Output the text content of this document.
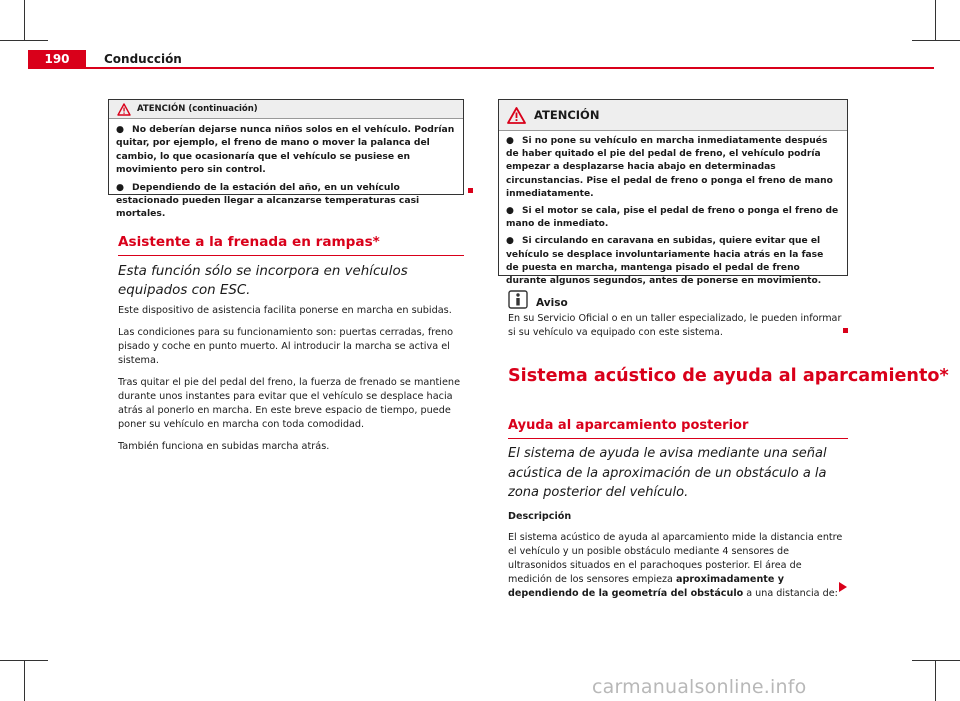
190	Conducción
ATENCIÓN (continuación)
● No deberían dejarse nunca niños solos en el vehículo. Podrían quitar, por ejemplo, el freno de mano o mover la palanca del cambio, lo que ocasionaría que el vehículo se pusiese en movimiento pero sin control.
● Dependiendo de la estación del año, en un vehículo estacionado pueden llegar a alcanzarse temperaturas casi mortales.
Asistente a la frenada en rampas*
Esta función sólo se incorpora en vehículos equipados con ESC.

Este dispositivo de asistencia facilita ponerse en marcha en subidas.

Las condiciones para su funcionamiento son: puertas cerradas, freno pisado y coche en punto muerto. Al introducir la marcha se activa el sistema.

Tras quitar el pie del pedal del freno, la fuerza de frenado se mantiene durante unos instantes para evitar que el vehículo se desplace hacia atrás al ponerlo en marcha. En este breve espacio de tiempo, puede poner su vehículo en marcha con toda comodidad.

También funciona en subidas marcha atrás.

ATENCIÓN
● Si no pone su vehículo en marcha inmediatamente después de haber quitado el pie del pedal de freno, el vehículo podría empezar a desplazarse hacia abajo en determinadas circunstancias. Pise el pedal de freno o ponga el freno de mano inmediatamente.
● Si el motor se cala, pise el pedal de freno o ponga el freno de mano de inmediato.
● Si circulando en caravana en subidas, quiere evitar que el vehículo se desplace involuntariamente hacia atrás en la fase de puesta en marcha, mantenga pisado el pedal de freno durante algunos segundos, antes de ponerse en movimiento.
Aviso
En su Servicio Oficial o en un taller especializado, le pueden informar si su vehículo va equipado con este sistema.
Sistema acústico de ayuda al aparcamiento*
Ayuda al aparcamiento posterior
El sistema de ayuda le avisa mediante una señal acústica de la aproximación de un obstáculo a la zona posterior del vehículo.
Descripción

El sistema acústico de ayuda al aparcamiento mide la distancia entre el vehículo y un posible obstáculo mediante 4 sensores de ultrasonidos situados en el parachoques posterior. El área de medición de los sensores empieza aproximadamente y dependiendo de la geometría del obstáculo a una distancia de:

carmanualsonline.info
